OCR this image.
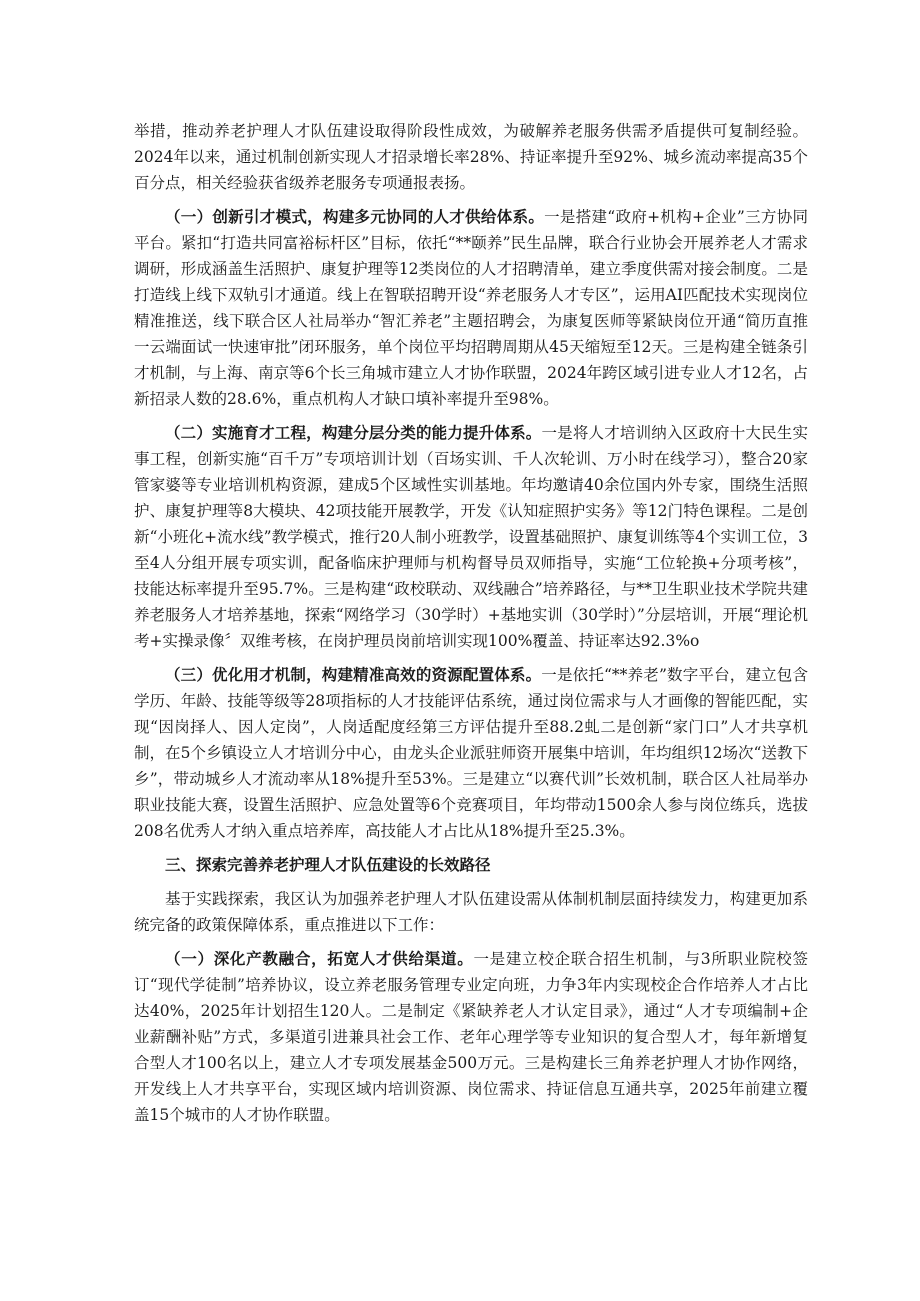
举措，推动养老护理人才队伍建设取得阶段性成效，为破解养老服务供需矛盾提供可复制经验。2024年以来，通过机制创新实现人才招录增长率28%、持证率提升至92%、城乡流动率提高35个百分点，相关经验获省级养老服务专项通报表扬。

（一）创新引才模式，构建多元协同的人才供给体系。一是搭建“政府+机构+企业”三方协同平台。紧扣“打造共同富裕标杆区”目标，依托“**颐养”民生品牌，联合行业协会开展养老人才需求调研，形成涵盖生活照护、康复护理等12类岗位的人才招聘清单，建立季度供需对接会制度。二是打造线上线下双轨引才通道。线上在智联招聘开设“养老服务人才专区”，运用AI匹配技术实现岗位精准推送，线下联合区人社局举办“智汇养老”主题招聘会，为康复医师等紧缺岗位开通“简历直推一云端面试一快速审批”闭环服务，单个岗位平均招聘周期从45天缩短至12天。三是构建全链条引才机制，与上海、南京等6个长三角城市建立人才协作联盟，2024年跨区域引进专业人才12名，占新招录人数的28.6%，重点机构人才缺口填补率提升至98%。

（二）实施育才工程，构建分层分类的能力提升体系。一是将人才培训纳入区政府十大民生实事工程，创新实施“百千万”专项培训计划（百场实训、千人次轮训、万小时在线学习），整合20家管家婆等专业培训机构资源，建成5个区域性实训基地。年均邀请40余位国内外专家，围绕生活照护、康复护理等8大模块、42项技能开展教学，开发《认知症照护实务》等12门特色课程。二是创新“小班化+流水线”教学模式，推行20人制小班教学，设置基础照护、康复训练等4个实训工位，3至4人分组开展专项实训，配备临床护理师与机构督导员双师指导，实施“工位轮换+分项考核”，技能达标率提升至95.7%。三是构建“政校联动、双线融合”培养路径，与**卫生职业技术学院共建养老服务人才培养基地，探索“网络学习（30学时）+基地实训（30学时）”分层培训，开展“理论机考+实操录像〞双维考核，在岗护理员岗前培训实现100%覆盖、持证率达92.3%o

（三）优化用才机制，构建精准高效的资源配置体系。一是依托“**养老”数字平台，建立包含学历、年龄、技能等级等28项指标的人才技能评估系统，通过岗位需求与人才画像的智能匹配，实现“因岗择人、因人定岗”，人岗适配度经第三方评估提升至88.2虬二是创新“家门口”人才共享机制，在5个乡镇设立人才培训分中心，由龙头企业派驻师资开展集中培训，年均组织12场次“送教下乡”，带动城乡人才流动率从18%提升至53%。三是建立“以赛代训”长效机制，联合区人社局举办职业技能大赛，设置生活照护、应急处置等6个竞赛项目，年均带动1500余人参与岗位练兵，选拔208名优秀人才纳入重点培养库，高技能人才占比从18%提升至25.3%。

三、探索完善养老护理人才队伍建设的长效路径

基于实践探索，我区认为加强养老护理人才队伍建设需从体制机制层面持续发力，构建更加系统完备的政策保障体系，重点推进以下工作：

（一）深化产教融合，拓宽人才供给渠道。一是建立校企联合招生机制，与3所职业院校签订“现代学徒制”培养协议，设立养老服务管理专业定向班，力争3年内实现校企合作培养人才占比达40%，2025年计划招生120人。二是制定《紧缺养老人才认定目录》，通过“人才专项编制+企业薪酬补贴”方式，多渠道引进兼具社会工作、老年心理学等专业知识的复合型人才，每年新增复合型人才100名以上，建立人才专项发展基金500万元。三是构建长三角养老护理人才协作网络，开发线上人才共享平台，实现区域内培训资源、岗位需求、持证信息互通共享，2025年前建立覆盖15个城市的人才协作联盟。
